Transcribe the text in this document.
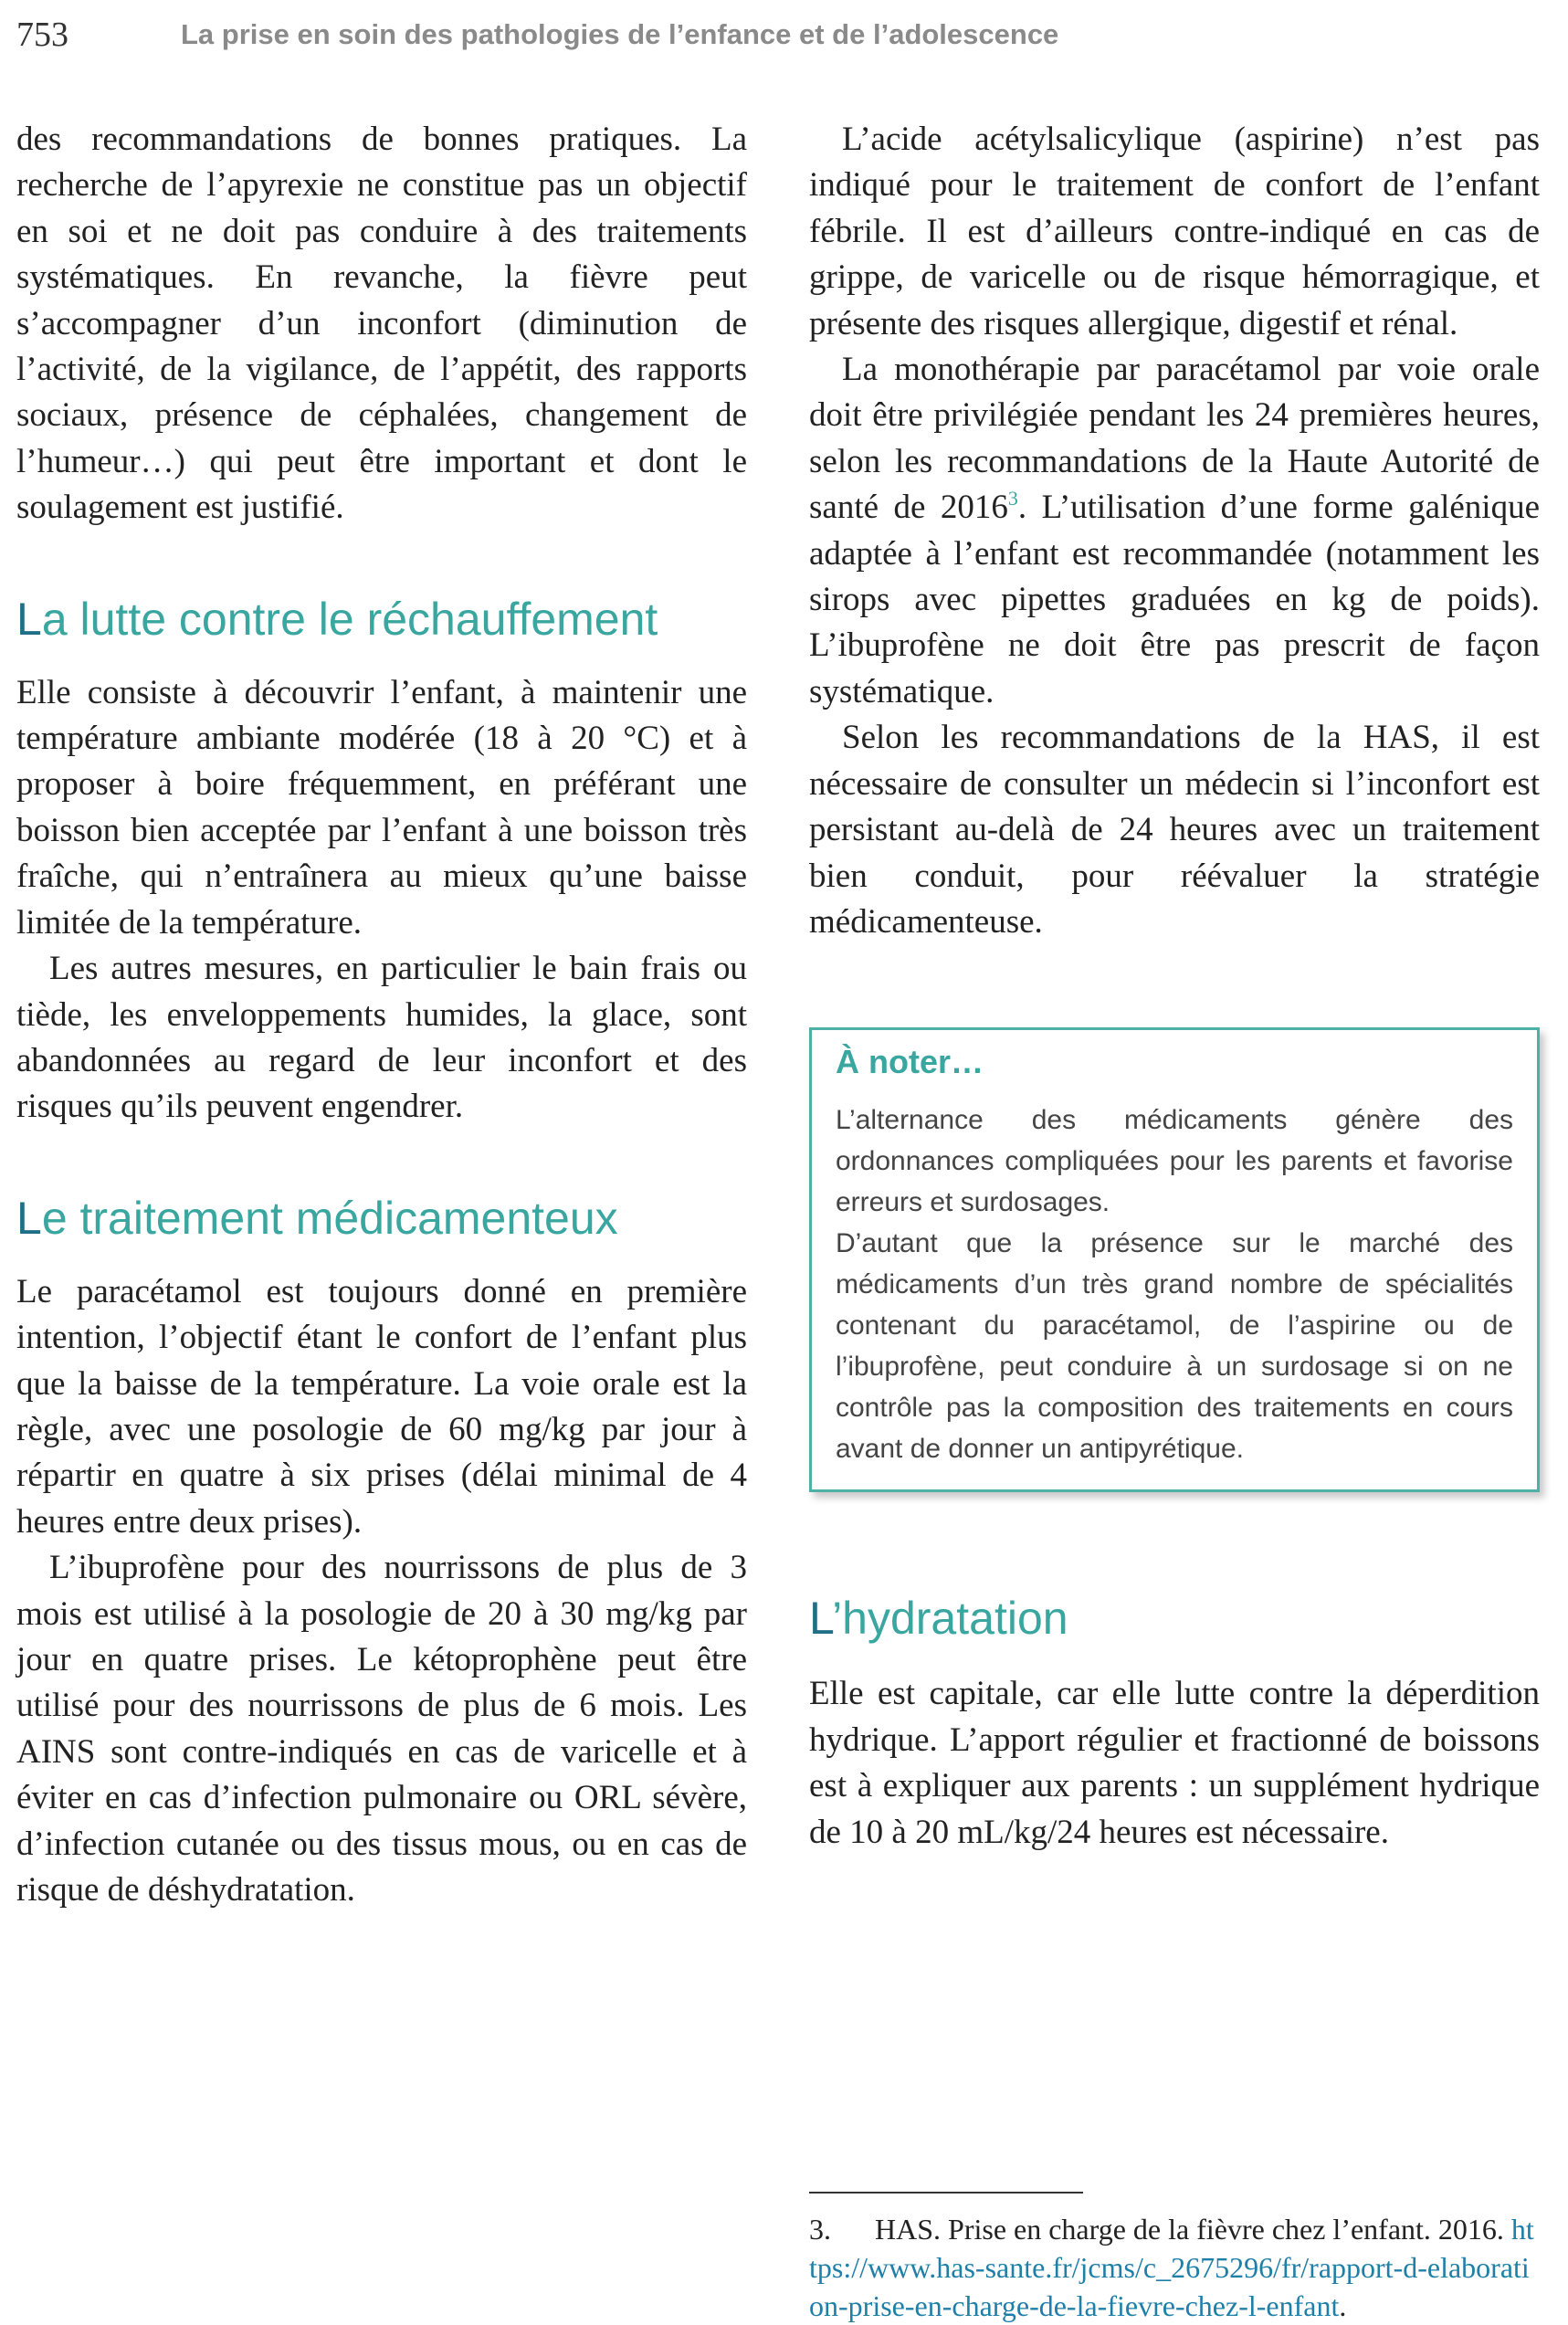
753	La prise en soin des pathologies de l’enfance et de l’adolescence

des recommandations de bonnes pratiques. La recherche de l’apyrexie ne constitue pas un objectif en soi et ne doit pas conduire à des traitements systématiques. En revanche, la fièvre peut s’accompagner d’un inconfort (diminution de l’activité, de la vigilance, de l’appétit, des rapports sociaux, présence de céphalées, changement de l’humeur…) qui peut être important et dont le soulagement est justifié.

La lutte contre le réchauffement

Elle consiste à découvrir l’enfant, à maintenir une température ambiante modérée (18 à 20 °C) et à proposer à boire fréquemment, en préférant une boisson bien acceptée par l’enfant à une boisson très fraîche, qui n’entraînera au mieux qu’une baisse limitée de la température.

Les autres mesures, en particulier le bain frais ou tiède, les enveloppements humides, la glace, sont abandonnées au regard de leur inconfort et des risques qu’ils peuvent engendrer.

Le traitement médicamenteux

Le paracétamol est toujours donné en première intention, l’objectif étant le confort de l’enfant plus que la baisse de la température. La voie orale est la règle, avec une posologie de 60 mg/kg par jour à répartir en quatre à six prises (délai minimal de 4 heures entre deux prises).

L’ibuprofène pour des nourrissons de plus de 3 mois est utilisé à la posologie de 20 à 30 mg/kg par jour en quatre prises. Le kétoprophène peut être utilisé pour des nourrissons de plus de 6 mois. Les AINS sont contre-indiqués en cas de varicelle et à éviter en cas d’infection pulmonaire ou ORL sévère, d’infection cutanée ou des tissus mous, ou en cas de risque de déshydratation.

L’acide acétylsalicylique (aspirine) n’est pas indiqué pour le traitement de confort de l’enfant fébrile. Il est d’ailleurs contre-indiqué en cas de grippe, de varicelle ou de risque hémorragique, et présente des risques allergique, digestif et rénal.

La monothérapie par paracétamol par voie orale doit être privilégiée pendant les 24 premières heures, selon les recommandations de la Haute Autorité de santé de 2016$^3$. L’utilisation d’une forme galénique adaptée à l’enfant est recommandée (notamment les sirops avec pipettes graduées en kg de poids). L’ibuprofène ne doit être pas prescrit de façon systématique.

Selon les recommandations de la HAS, il est nécessaire de consulter un médecin si l’inconfort est persistant au-delà de 24 heures avec un traitement bien conduit, pour réévaluer la stratégie médicamenteuse.

À noter…

L’alternance des médicaments génère des ordonnances compliquées pour les parents et favorise erreurs et surdosages.

D’autant que la présence sur le marché des médicaments d’un très grand nombre de spécialités contenant du paracétamol, de l’aspirine ou de l’ibuprofène, peut conduire à un surdosage si on ne contrôle pas la composition des traitements en cours avant de donner un antipyrétique.

L’hydratation

Elle est capitale, car elle lutte contre la déperdition hydrique. L’apport régulier et fractionné de boissons est à expliquer aux parents : un supplément hydrique de 10 à 20 mL/kg/24 heures est nécessaire.

3. HAS. Prise en charge de la fièvre chez l’enfant. 2016. https://www.has-sante.fr/jcms/c_2675296/fr/rapport-d-elaboration-prise-en-charge-de-la-fievre-chez-l-enfant.
